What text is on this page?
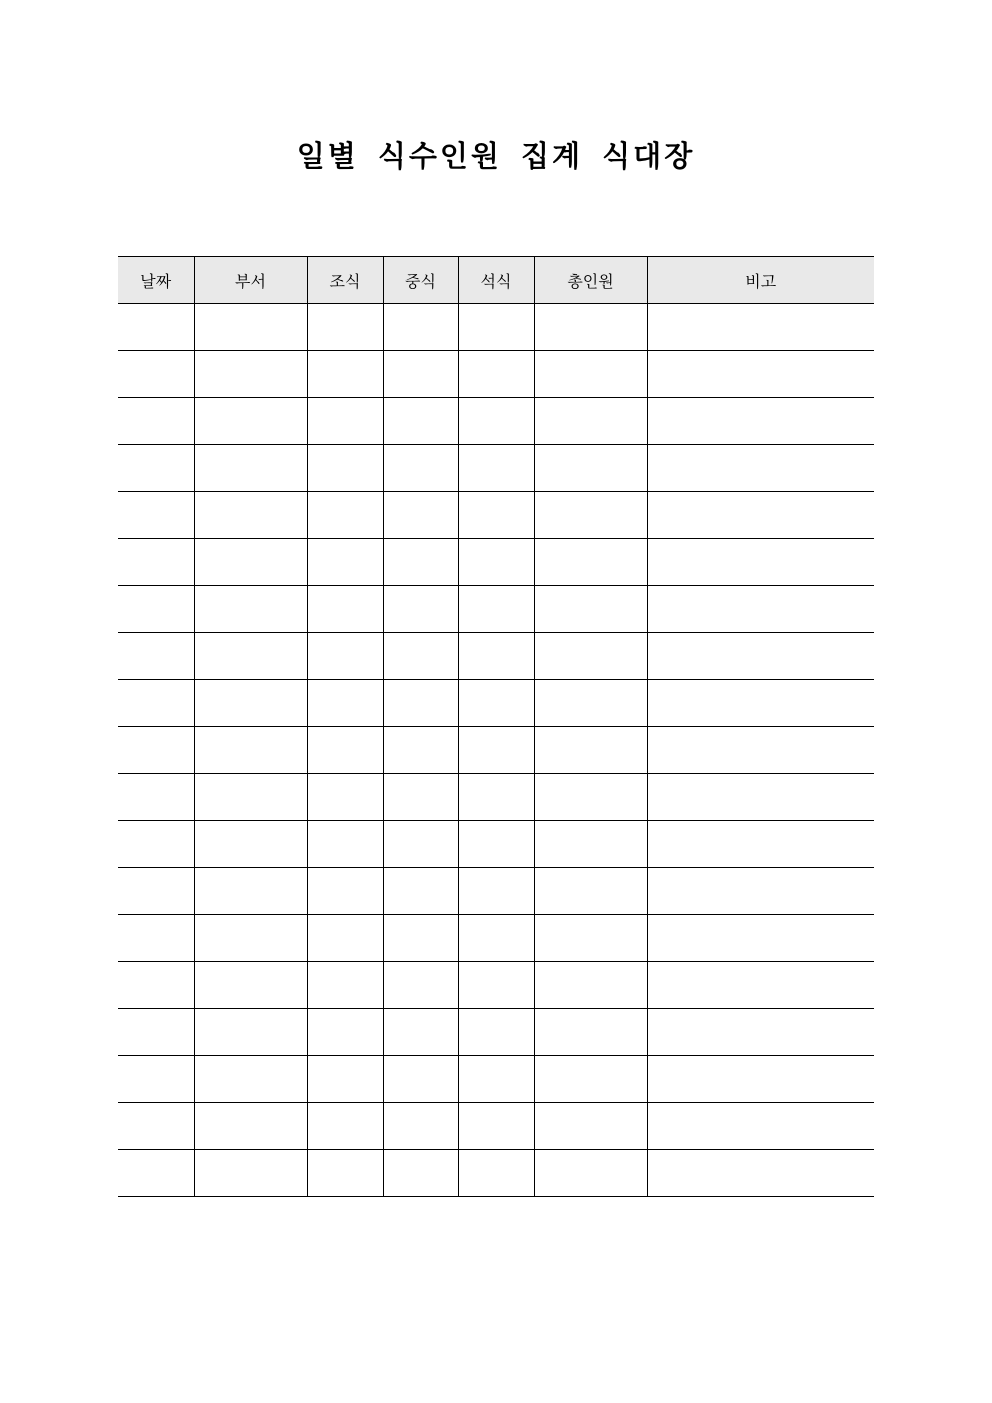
일별 식수인원 집계 식대장
날짜	부서	조식	중식	석식	총인원	비고
